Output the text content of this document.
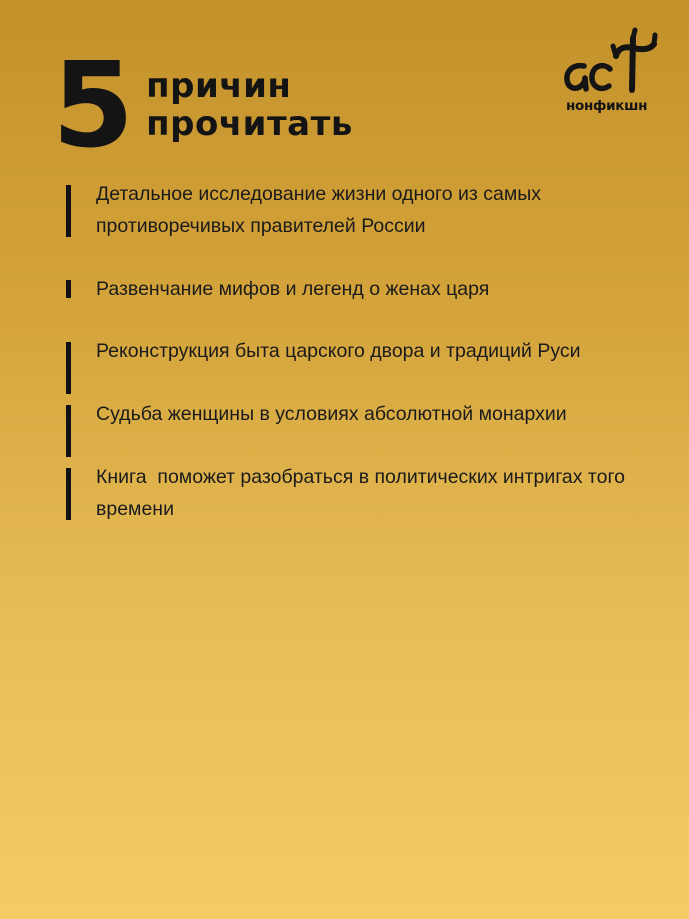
5 причин
прочитать	нонфикшн
Детальное исследование жизни одного из самых противоречивых правителей России
Развенчание мифов и легенд о женах царя
Реконструкция быта царского двора и традиций Руси
Судьба женщины в условиях абсолютной монархии
Книга  поможет разобраться в политических интригах того времени
